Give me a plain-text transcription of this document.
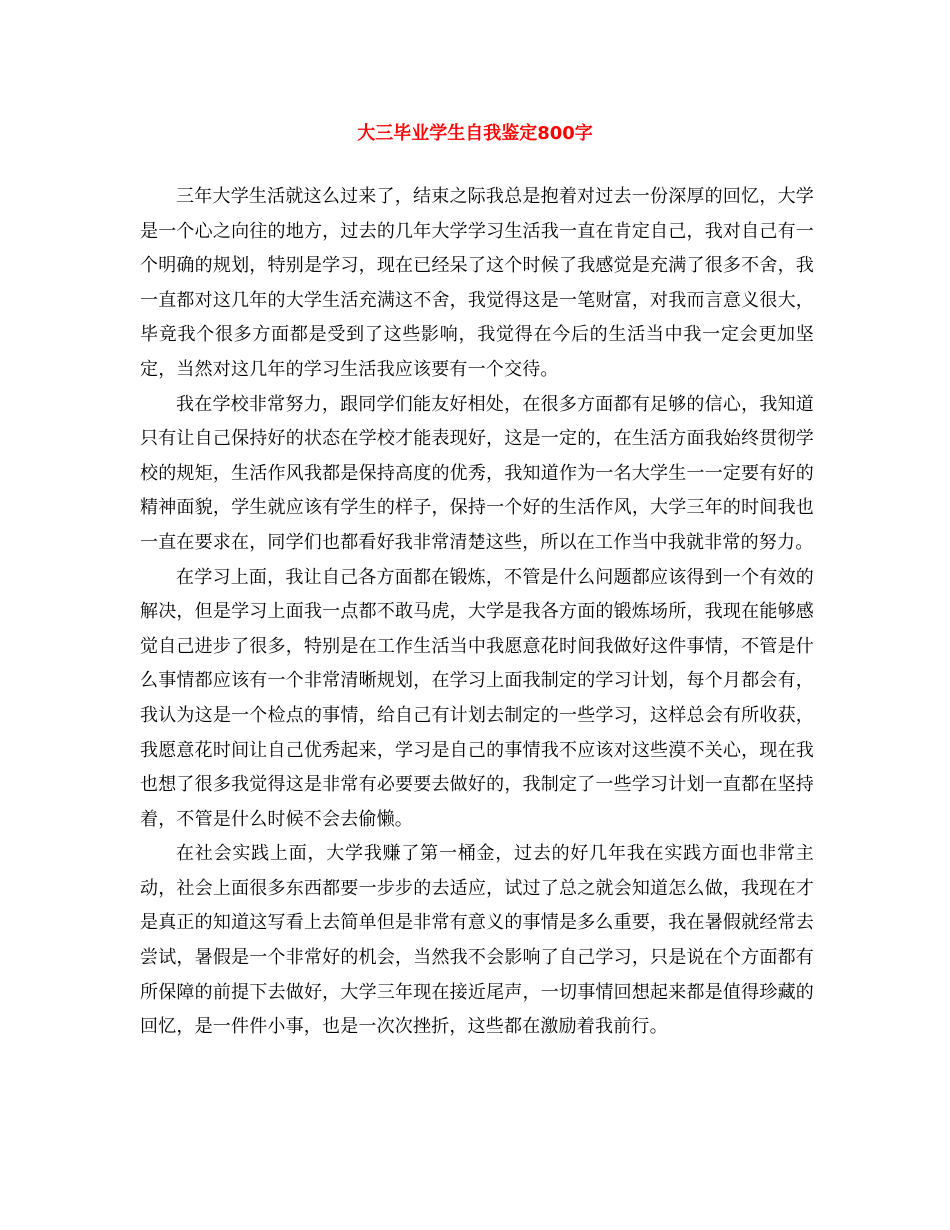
大三毕业学生自我鉴定800字

三年大学生活就这么过来了，结束之际我总是抱着对过去一份深厚的回忆，大学是一个心之向往的地方，过去的几年大学学习生活我一直在肯定自己，我对自己有一个明确的规划，特别是学习，现在已经呆了这个时候了我感觉是充满了很多不舍，我一直都对这几年的大学生活充满这不舍，我觉得这是一笔财富，对我而言意义很大，毕竟我个很多方面都是受到了这些影响，我觉得在今后的生活当中我一定会更加坚定，当然对这几年的学习生活我应该要有一个交待。

我在学校非常努力，跟同学们能友好相处，在很多方面都有足够的信心，我知道只有让自己保持好的状态在学校才能表现好，这是一定的，在生活方面我始终贯彻学校的规矩，生活作风我都是保持高度的优秀，我知道作为一名大学生一一定要有好的精神面貌，学生就应该有学生的样子，保持一个好的生活作风，大学三年的时间我也一直在要求在，同学们也都看好我非常清楚这些，所以在工作当中我就非常的努力。

在学习上面，我让自己各方面都在锻炼，不管是什么问题都应该得到一个有效的解决，但是学习上面我一点都不敢马虎，大学是我各方面的锻炼场所，我现在能够感觉自己进步了很多，特别是在工作生活当中我愿意花时间我做好这件事情，不管是什么事情都应该有一个非常清晰规划，在学习上面我制定的学习计划，每个月都会有，我认为这是一个检点的事情，给自己有计划去制定的一些学习，这样总会有所收获，我愿意花时间让自己优秀起来，学习是自己的事情我不应该对这些漠不关心，现在我也想了很多我觉得这是非常有必要要去做好的，我制定了一些学习计划一直都在坚持着，不管是什么时候不会去偷懒。

在社会实践上面，大学我赚了第一桶金，过去的好几年我在实践方面也非常主动，社会上面很多东西都要一步步的去适应，试过了总之就会知道怎么做，我现在才是真正的知道这写看上去简单但是非常有意义的事情是多么重要，我在暑假就经常去尝试，暑假是一个非常好的机会，当然我不会影响了自己学习，只是说在个方面都有所保障的前提下去做好，大学三年现在接近尾声，一切事情回想起来都是值得珍藏的回忆，是一件件小事，也是一次次挫折，这些都在激励着我前行。
